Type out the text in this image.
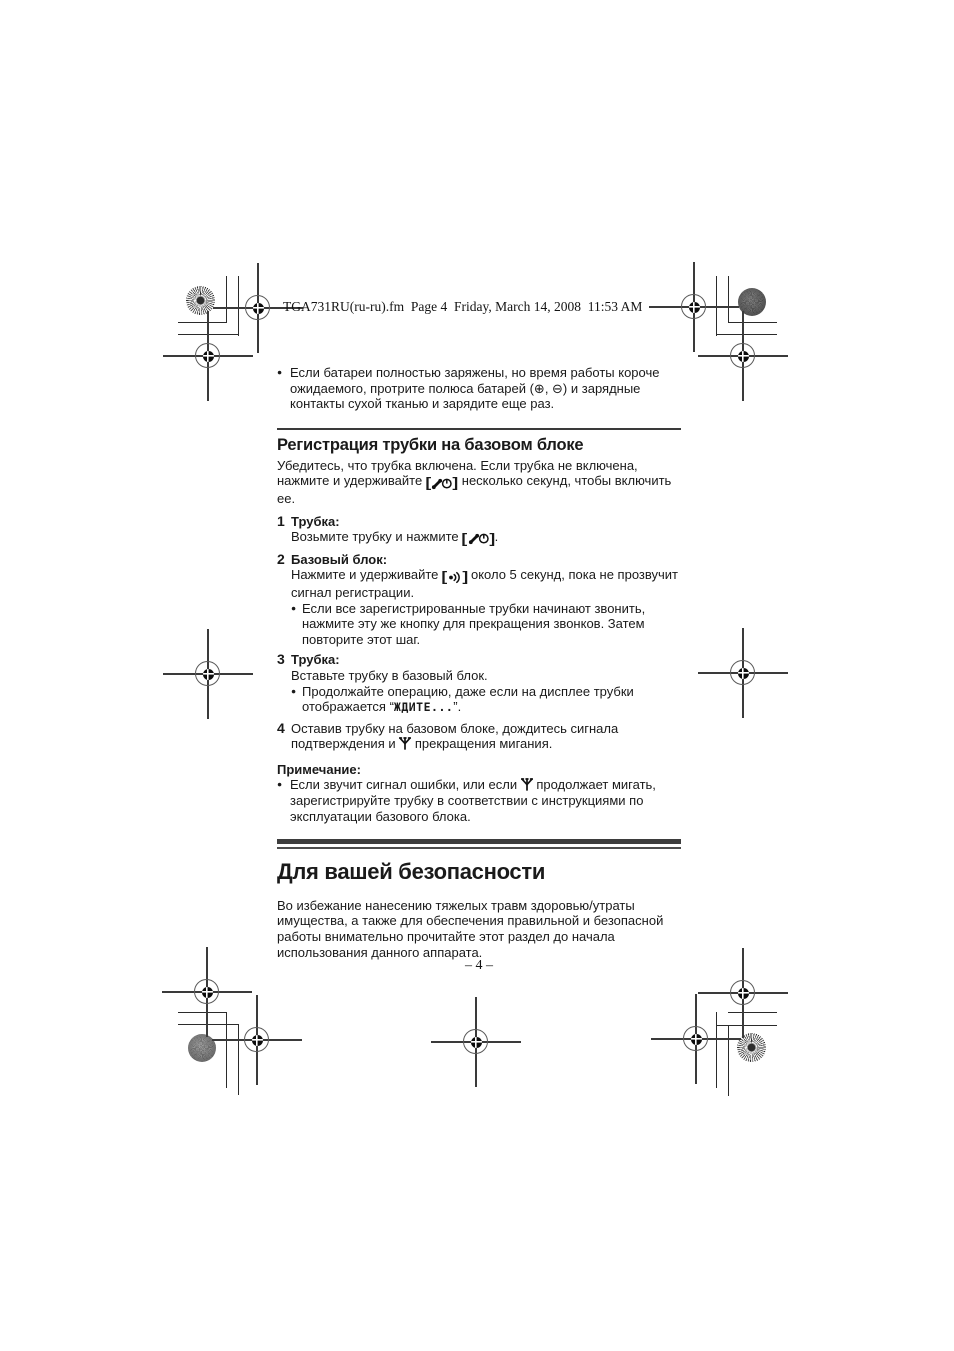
TGA731RU(ru-ru).fm  Page 4  Friday, March 14, 2008  11:53 AM
● Если батареи полностью заряжены, но время работы короче ожидаемого, протрите полюса батарей (⊕, ⊖) и зарядные контакты сухой тканью и зарядите еще раз.
Регистрация трубки на базовом блоке
Убедитесь, что трубка включена. Если трубка не включена, нажмите и удерживайте [ ] несколько секунд, чтобы включить ее.
1 Трубка:
Возьмите трубку и нажмите [ ] .
2 Базовый блок:
Нажмите и удерживайте [ ] около 5 секунд, пока не прозвучит сигнал регистрации.
● Если все зарегистрированные трубки начинают звонить, нажмите эту же кнопку для прекращения звонков. Затем повторите этот шаг.
3 Трубка:
Вставьте трубку в базовый блок.
● Продолжайте операцию, даже если на дисплее трубки отображается “ЖДИТЕ...”.
4 Оставив трубку на базовом блоке, дождитесь сигнала подтверждения и  прекращения мигания.
Примечание:
● Если звучит сигнал ошибки, или если  продолжает мигать, зарегистрируйте трубку в соответствии с инструкциями по эксплуатации базового блока.
Для вашей безопасности
Во избежание нанесению тяжелых травм здоровью/утраты имущества, а также для обеспечения правильной и безопасной работы внимательно прочитайте этот раздел до начала использования данного аппарата.
– 4 –
